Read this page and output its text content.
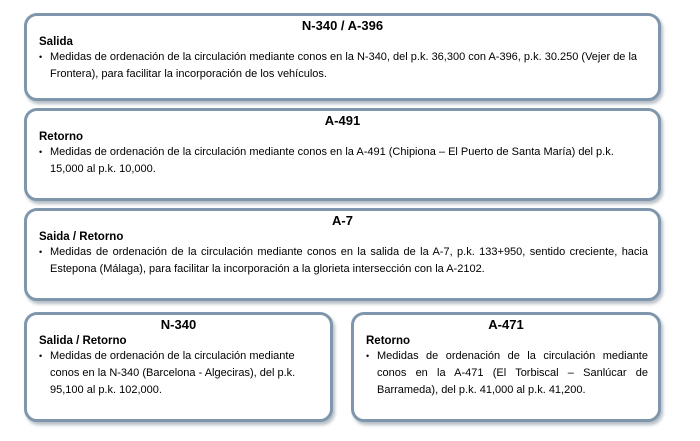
N-340 / A-396
Salida
• Medidas de ordenación de la circulación mediante conos en la N-340, del p.k. 36,300 con A-396, p.k. 30.250 (Vejer de la Frontera), para facilitar la incorporación de los vehículos.
A-491
Retorno
• Medidas de ordenación de la circulación mediante conos en la A-491 (Chipiona – El Puerto de Santa María) del p.k. 15,000 al p.k. 10,000.
A-7
Saida / Retorno
• Medidas de ordenación de la circulación mediante conos en la salida de la A-7, p.k. 133+950, sentido creciente, hacia Estepona (Málaga), para facilitar la incorporación a la glorieta intersección con la A-2102.
N-340
Salida / Retorno
• Medidas de ordenación de la circulación mediante conos en la N-340 (Barcelona - Algeciras), del p.k. 95,100 al p.k. 102,000.
A-471
Retorno
• Medidas de ordenación de la circulación mediante conos en la A-471 (El Torbiscal – Sanlúcar de Barrameda), del p.k. 41,000 al p.k. 41,200.
